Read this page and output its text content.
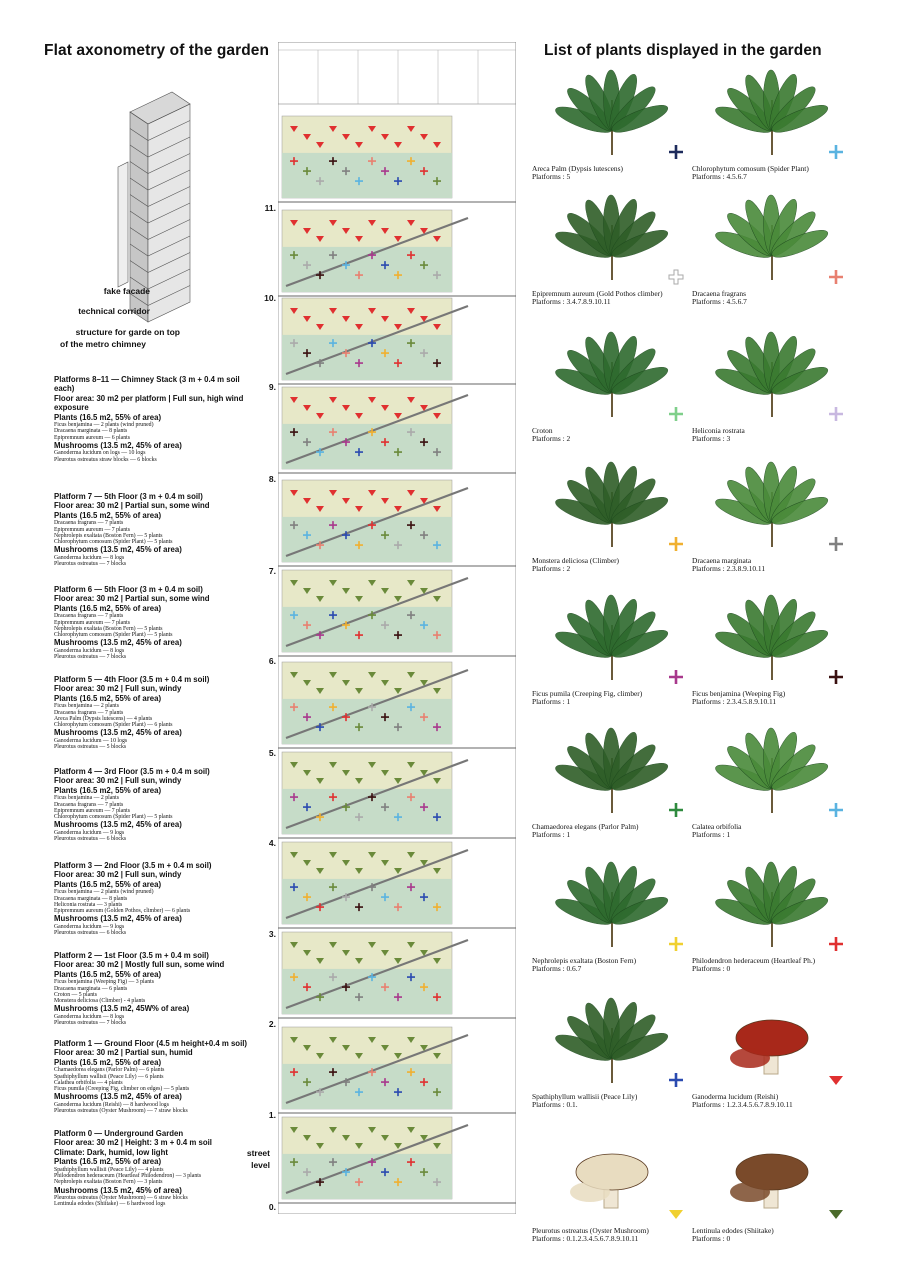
Flat axonometry of the garden	List of plants displayed in the garden
fake facade
technical corridor
structure for garde on top
of the metro chimney
Platforms 8–11 — Chimney Stack (3 m + 0.4 m soil each)
Floor area: 30 m2 per platform | Full sun, high wind exposure
Plants (16.5 m2, 55% of area)
Ficus benjamina — 2 plants (wind pruned)
Dracaena marginata — 8 plants
Epipremnum aureum — 6 plants
Mushrooms (13.5 m2, 45% of area)
Ganoderma lucidum on logs — 10 logs
Pleurotus ostreatus straw blocks — 6 blocks
Platform 7 — 5th Floor (3 m + 0.4 m soil)
Floor area: 30 m2 | Partial sun, some wind
Plants (16.5 m2, 55% of area)
Dracaena fragrans — 7 plants
Epipremnum aureum — 7 plants
Nephrolepis exaltata (Boston Fern) — 5 plants
Chlorophytum comosum (Spider Plant) — 5 plants
Mushrooms (13.5 m2, 45% of area)
Ganoderma lucidum — 8 logs
Pleurotus ostreatus — 7 blocks
Platform 6 — 5th Floor (3 m + 0.4 m soil)
Floor area: 30 m2 | Partial sun, some wind
Plants (16.5 m2, 55% of area)
Dracaena fragrans — 7 plants
Epipremnum aureum — 7 plants
Nephrolepis exaltata (Boston Fern) — 5 plants
Chlorophytum comosum (Spider Plant) — 5 plants
Mushrooms (13.5 m2, 45% of area)
Ganoderma lucidum — 8 logs
Pleurotus ostreatus — 7 blocks
Platform 5 — 4th Floor (3.5 m + 0.4 m soil)
Floor area: 30 m2 | Full sun, windy
Plants (16.5 m2, 55% of area)
Ficus benjamina — 2 plants
Dracaena fragrans — 7 plants
Areca Palm (Dypsis lutescens) — 4 plants
Chlorophytum comosum (Spider Plant) — 6 plants
Mushrooms (13.5 m2, 45% of area)
Ganoderma lucidum — 10 logs
Pleurotus ostreatus — 5 blocks
Platform 4 — 3rd Floor (3.5 m + 0.4 m soil)
Floor area: 30 m2 | Full sun, windy
Plants (16.5 m2, 55% of area)
Ficus benjamina — 2 plants
Dracaena fragrans — 7 plants
Epipremnum aureum — 7 plants
Chlorophytum comosum (Spider Plant) — 5 plants
Mushrooms (13.5 m2, 45% of area)
Ganoderma lucidum — 9 logs
Pleurotus ostreatus — 6 blocks
Platform 3 — 2nd Floor (3.5 m + 0.4 m soil)
Floor area: 30 m2 | Full sun, windy
Plants (16.5 m2, 55% of area)
Ficus benjamina — 2 plants (wind pruned)
Dracaena marginata — 8 plants
Heliconia rostrata — 3 plants
Epipremnum aureum (Golden Pothos, climber) — 6 plants
Mushrooms (13.5 m2, 45% of area)
Ganoderma lucidum — 9 logs
Pleurotus ostreatus — 6 blocks
Platform 2 — 1st Floor (3.5 m + 0.4 m soil)
Floor area: 30 m2 | Mostly full sun, some wind
Plants (16.5 m2, 55% of area)
Ficus benjamina (Weeping Fig) — 3 plants
Dracaena marginata — 6 plants
Croton — 5 plants
Monstera deliciosa (Climber) - 4 plants
Mushrooms (13.5 m2, 45W% of area)
Ganoderma lucidum — 8 logs
Pleurotus ostreatus — 7 blocks
Platform 1 — Ground Floor (4.5 m height+0.4 m soil)
Floor area: 30 m2 | Partial sun, humid
Plants (16.5 m2, 55% of area)
Chamaedorea elegans (Parlor Palm) — 6 plants
Spathiphyllum wallisii (Peace Lily) — 6 plants
Calathea orbifolia — 4 plants
Ficus pumila (Creeping Fig, climber on edges) — 5 plants
Mushrooms (13.5 m2, 45% of area)
Ganoderma lucidum (Reishi) — 8 hardwood logs
Pleurotus ostreatus (Oyster Mushroom) — 7 straw blocks
Platform 0 — Underground Garden
Floor area: 30 m2 | Height: 3 m + 0.4 m soil
Climate: Dark, humid, low light
Plants (16.5 m2, 55% of area)
Spathiphyllum wallisii (Peace Lily) — 4 plants
Philodendron hederaceum (Heartleaf Philodendron) — 3 plants
Nephrolepis exaltata (Boston Fern) — 3 plants
Mushrooms (13.5 m2, 45% of area)
Pleurotus ostreatus (Oyster Mushroom) — 6 straw blocks
Lentinula edodes (Shiitake) — 6 hardwood logs
11.
10.
9.
8.
7.
6.
5.
4.
3.
2.
1.
street
level
0.
Areca Palm (Dypsis lutescens)
Platforms : 5
Chlorophytum comosum (Spider Plant)
Platforms : 4.5.6.7
Epipremnum aureum (Gold Pothos climber)
Platforms : 3.4.7.8.9.10.11
Dracaena fragrans
Platforms : 4.5.6.7
Croton
Platforms : 2
Heliconia rostrata
Platforms : 3
Monstera deliciosa (Climber)
Platforms : 2
Dracaena marginata
Platforms : 2.3.8.9.10.11
Ficus pumila (Creeping Fig, climber)
Platforms : 1
Ficus benjamina (Weeping Fig)
Platforms : 2.3.4.5.8.9.10.11
Chamaedorea elegans (Parlor Palm)
Platforms : 1
Calatea orbifolia
Platforms : 1
Nephrolepis exaltata (Boston Fern)
Platforms : 0.6.7
Philodendron hederaceum (Heartleaf Ph.)
Platforms : 0
Spathiphyllum wallisii (Peace Lily)
Platforms : 0.1.
Ganoderma lucidum (Reishi)
Platforms : 1.2.3.4.5.6.7.8.9.10.11
Pleurotus ostreatus (Oyster Mushroom)
Platforms : 0.1.2.3.4.5.6.7.8.9.10.11
Lentinula edodes (Shiitake)
Platforms : 0
